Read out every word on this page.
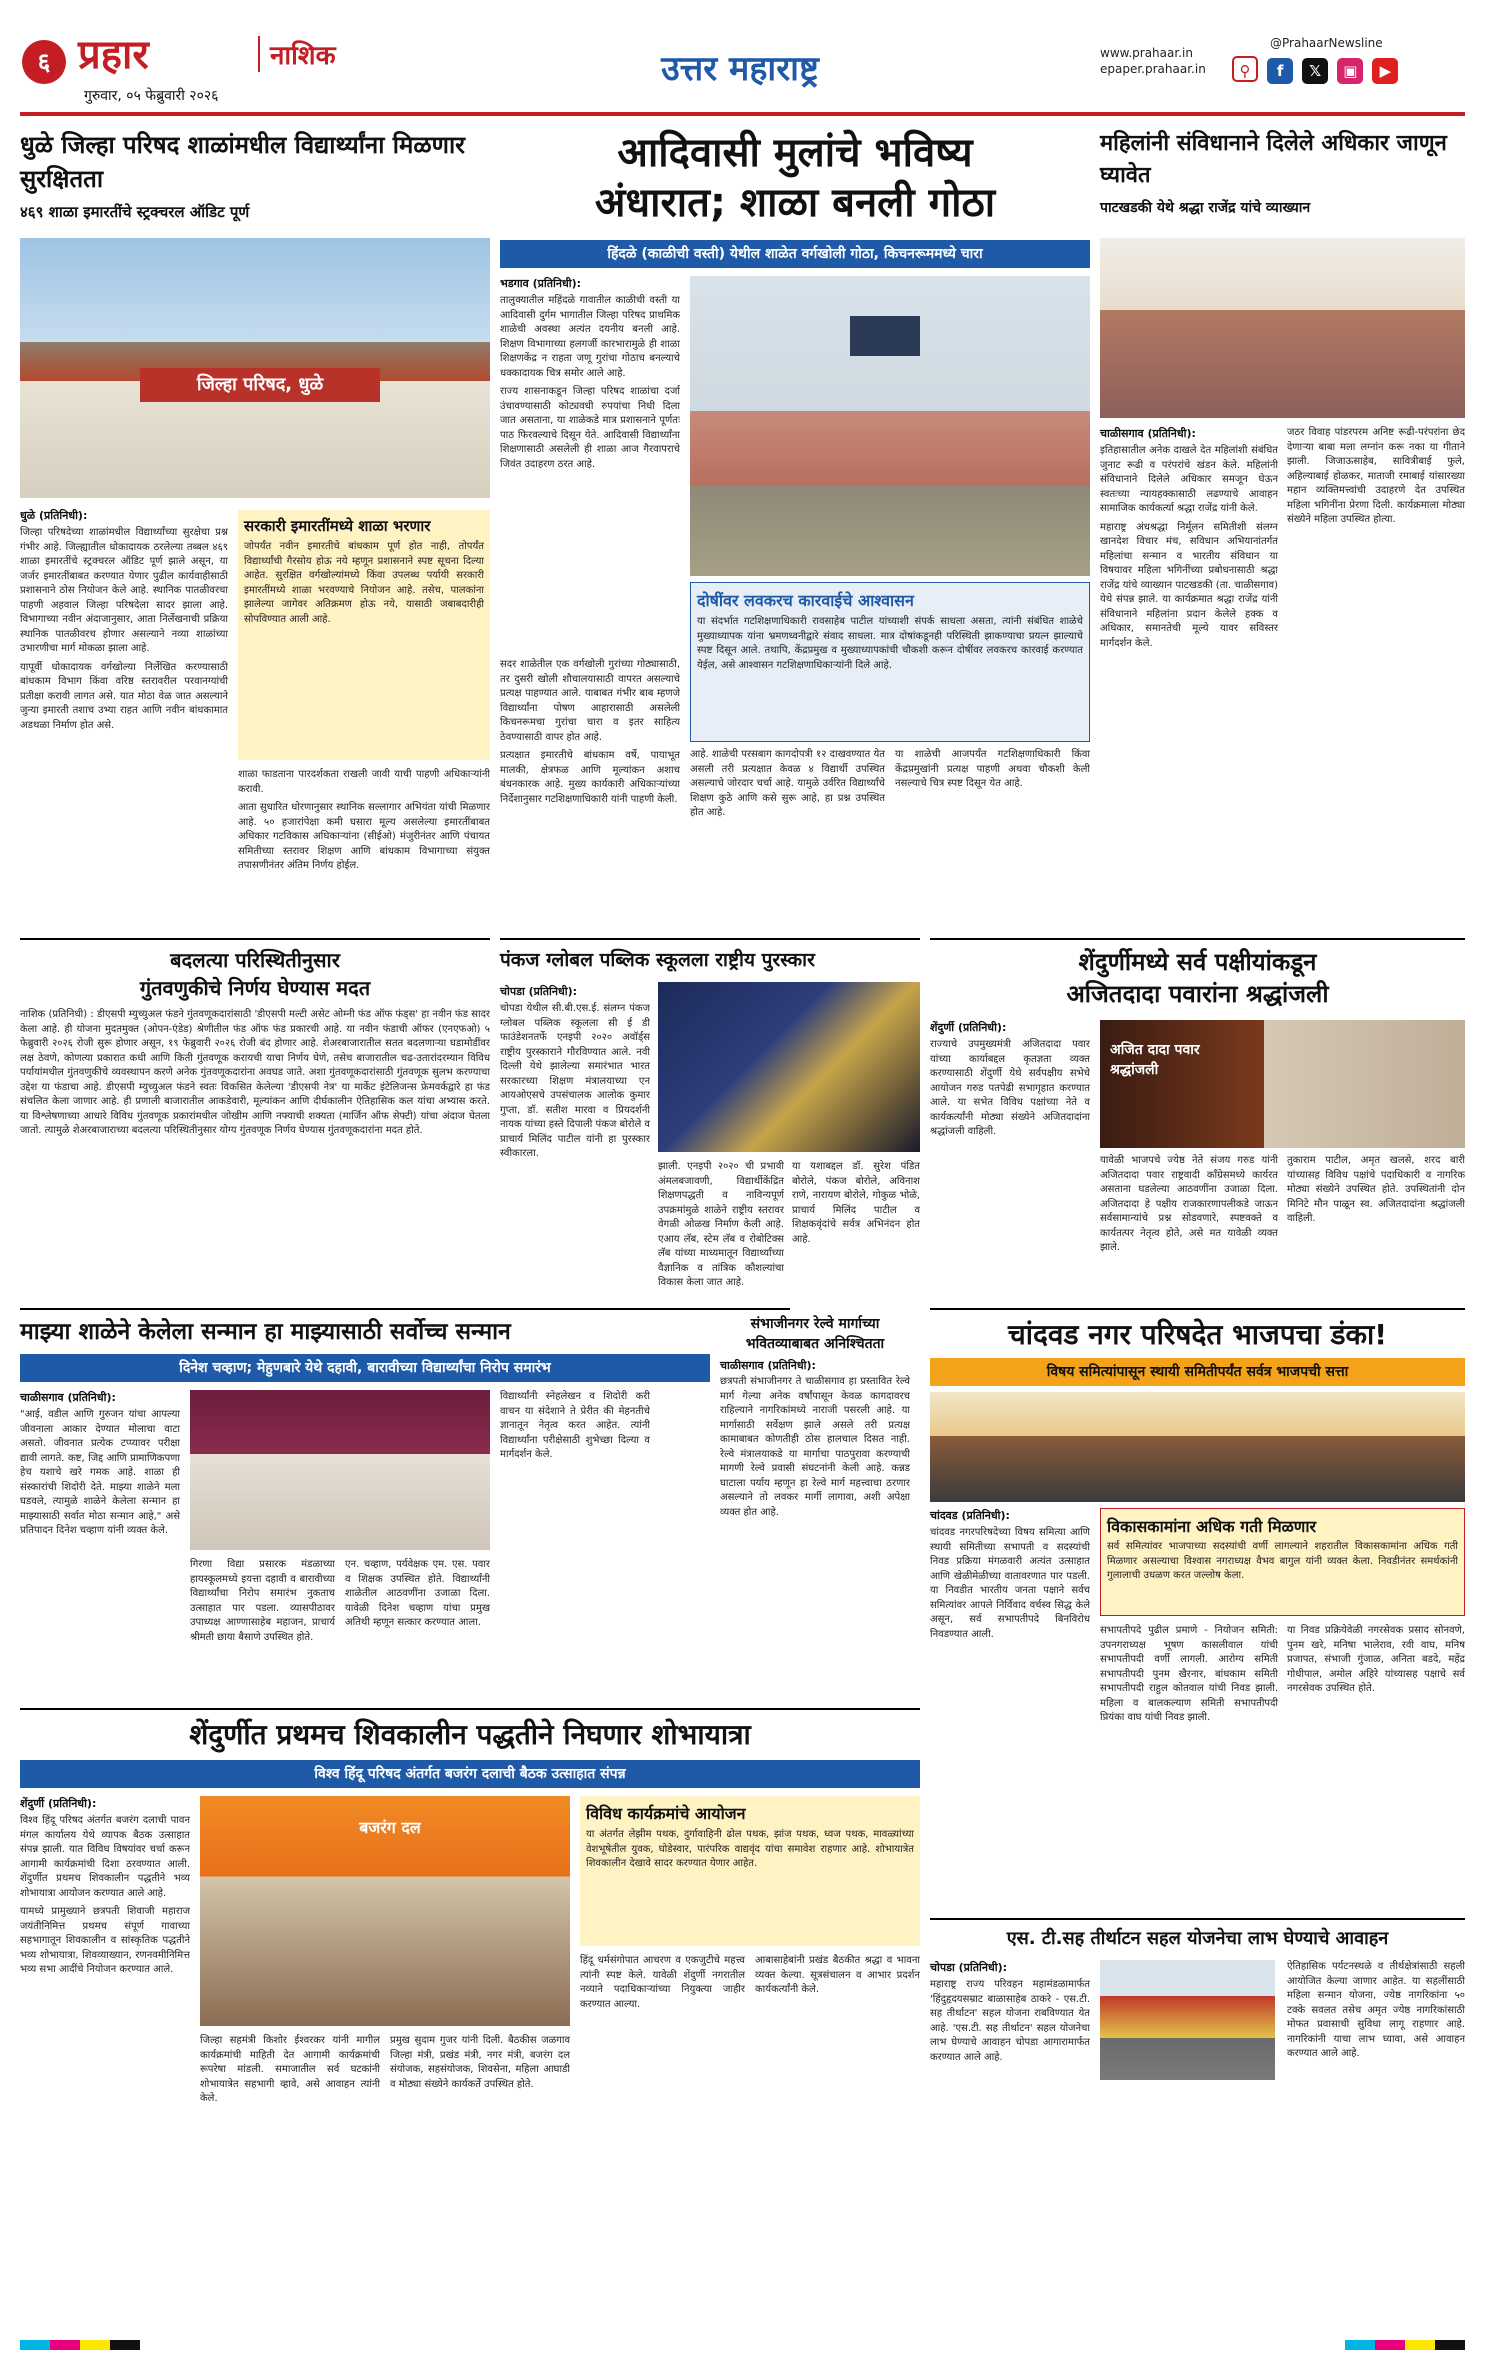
६ प्रहार	नाशिक
गुरुवार, ०५ फेब्रुवारी २०२६
उत्तर महाराष्ट्र	www.prahaar.in
epaper.prahaar.in
@PrahaarNewsline
⚲ f 𝕏 ▣ ▶
धुळे जिल्हा परिषद शाळांमधील विद्यार्थ्यांना मिळणार सुरक्षितता
४६९ शाळा इमारतींचे स्ट्रक्चरल ऑडिट पूर्ण
जिल्हा परिषद, धुळे
धुळे (प्रतिनिधी):

जिल्हा परिषदेच्या शाळांमधील विद्यार्थ्यांच्या सुरक्षेचा प्रश्न गंभीर आहे. जिल्ह्यातील धोकादायक ठरलेल्या तब्बल ४६९ शाळा इमारतींचे स्ट्रक्चरल ऑडिट पूर्ण झाले असून, या जर्जर इमारतींबाबत करण्यात येणार पुढील कार्यवाहीसाठी प्रशासनाने ठोस नियोजन केले आहे. स्थानिक पातळीवरचा पाहणी अहवाल जिल्हा परिषदेला सादर झाला आहे. विभागाच्या नवीन अंदाजानुसार, आता निर्लेखनाची प्रक्रिया स्थानिक पातळीवरच होणार असल्याने नव्या शाळांच्या उभारणीचा मार्ग मोकळा झाला आहे.

यापूर्वी धोकादायक वर्गखोल्या निर्लेखित करण्यासाठी बांधकाम विभाग किंवा वरिष्ठ स्तरावरील परवानग्यांची प्रतीक्षा करावी लागत असे. यात मोठा वेळ जात असल्याने जुन्या इमारती तशाच उभ्या राहत आणि नवीन बांधकामात अडथळा निर्माण होत असे.

सरकारी इमारतींमध्ये शाळा भरणार
जोपर्यंत नवीन इमारतीचे बांधकाम पूर्ण होत नाही, तोपर्यंत विद्यार्थ्यांची गैरसोय होऊ नये म्हणून प्रशासनाने स्पष्ट सूचना दिल्या आहेत. सुरक्षित वर्गखोल्यांमध्ये किंवा उपलब्ध पर्यायी सरकारी इमारतींमध्ये शाळा भरवण्याचे नियोजन आहे. तसेच, पालकांना झालेल्या जागेवर अतिक्रमण होऊ नये, यासाठी जबाबदारीही सोपविण्यात आली आहे.

शाळा फाडताना पारदर्शकता राखली जावी याची पाहणी अधिकाऱ्यांनी करावी.

आता सुधारित धोरणानुसार स्थानिक सल्लागार अभियंता यांची मिळणार आहे. ५० हजारांपेक्षा कमी घसारा मूल्य असलेल्या इमारतींबाबत अधिकार गटविकास अधिकाऱ्यांना (सीईओ) मंजुरीनंतर आणि पंचायत समितीच्या स्तरावर शिक्षण आणि बांधकाम विभागाच्या संयुक्त तपासणीनंतर अंतिम निर्णय होईल.

आदिवासी मुलांचे भविष्य
अंधारात; शाळा बनली गोठा
हिंदळे (काळीची वस्ती) येथील शाळेत वर्गखोली गोठा, किचनरूममध्ये चारा
भडगाव (प्रतिनिधी):

तालुक्यातील महिंदळे गावातील काळीची वस्ती या आदिवासी दुर्गम भागातील जिल्हा परिषद प्राथमिक शाळेची अवस्था अत्यंत दयनीय बनली आहे. शिक्षण विभागाच्या हलगर्जी कारभारामुळे ही शाळा शिक्षणकेंद्र न राहता जणू गुरांचा गोठाच बनल्याचे धक्कादायक चित्र समोर आले आहे.

राज्य शासनाकडून जिल्हा परिषद शाळांचा दर्जा उंचावण्यासाठी कोट्यवधी रुपयांचा निधी दिला जात असताना, या शाळेकडे मात्र प्रशासनाने पूर्णतः पाठ फिरवल्याचे दिसून येते. आदिवासी विद्यार्थ्यांना शिक्षणासाठी असलेली ही शाळा आज गैरवापराचे जिवंत उदाहरण ठरत आहे.

दोषींवर लवकरच कारवाईचे आश्वासन
या संदर्भात गटशिक्षणाधिकारी रावसाहेब पाटील यांच्याशी संपर्क साधला असता, त्यांनी संबंधित शाळेचे मुख्याध्यापक यांना भ्रमणध्वनीद्वारे संवाद साधला. मात्र दोषांकडूनही परिस्थिती झाकण्याचा प्रयत्न झाल्याचे स्पष्ट दिसून आले. तथापि, केंद्रप्रमुख व मुख्याध्यापकांची चौकशी करून दोषींवर लवकरच कारवाई करण्यात येईल, असे आश्वासन गटशिक्षणाधिकाऱ्यांनी दिले आहे.

सदर शाळेतील एक वर्गखोली गुरांच्या गोठ्यासाठी, तर दुसरी खोली शौचालयासाठी वापरत असल्याचे प्रत्यक्ष पाहण्यात आले. याबाबत गंभीर बाब म्हणजे विद्यार्थ्यांना पोषण आहारासाठी असलेली किचनरूमचा गुरांचा चारा व इतर साहित्य ठेवण्यासाठी वापर होत आहे.

प्रत्यक्षात इमारतीचे बांधकाम वर्षे, पायाभूत मालकी, क्षेत्रफळ आणि मूल्यांकन अशाच बंधनकारक आहे. मुख्य कार्यकारी अधिकाऱ्यांच्या निर्देशानुसार गटशिक्षणाधिकारी यांनी पाहणी केली.

आहे. शाळेची परसबाग कागदोपत्री १२ दाखवण्यात येत असली तरी प्रत्यक्षात केवळ ४ विद्यार्थी उपस्थित असल्याचे जोरदार चर्चा आहे. यामुळे उर्वरित विद्यार्थ्यांचे शिक्षण कुठे आणि कसे सुरू आहे, हा प्रश्न उपस्थित होत आहे.
या शाळेची आजपर्यंत गटशिक्षणाधिकारी किंवा केंद्रप्रमुखांनी प्रत्यक्ष पाहणी अथवा चौकशी केली नसल्याचे चित्र स्पष्ट दिसून येत आहे.
महिलांनी संविधानाने दिलेले अधिकार जाणून घ्यावेत
पाटखडकी येथे श्रद्धा राजेंद्र यांचे व्याख्यान
चाळीसगाव (प्रतिनिधी):

इतिहासातील अनेक दाखले देत महिलांशी संबंधित जुनाट रूढी व परंपरांचे खंडन केले. महिलांनी संविधानाने दिलेले अधिकार समजून घेऊन स्वतःच्या न्यायहक्कासाठी लढण्याचे आवाहन सामाजिक कार्यकर्त्या श्रद्धा राजेंद्र यांनी केले.

महाराष्ट्र अंधश्रद्धा निर्मूलन समितीशी संलग्न खानदेश विचार मंच, सविधान अभियानांतर्गत महिलांचा सन्मान व भारतीय संविधान या विषयावर महिला भगिनींच्या प्रबोधनासाठी श्रद्धा राजेंद्र यांचे व्याख्यान पाटखडकी (ता. चाळीसगाव) येथे संपन्न झाले. या कार्यक्रमात श्रद्धा राजेंद्र यांनी संविधानाने महिलांना प्रदान केलेले हक्क व अधिकार, समानतेची मूल्ये यावर सविस्तर मार्गदर्शन केले.

जठर विवाह पांडरपरम अनिष्ट रूढी-परंपरांना छेद देणाऱ्या बाबा मला लग्नांन करू नका या गीताने झाली. जिजाऊसाहेब, सावित्रीबाई फुले, अहिल्याबाई होळकर, माताजी रमाबाई यांसारख्या महान व्यक्तिमत्त्वांची उदाहरणे देत उपस्थित महिला भगिनींना प्रेरणा दिली. कार्यक्रमाला मोठ्या संख्येने महिला उपस्थित होत्या.
बदलत्या परिस्थितीनुसार
गुंतवणुकीचे निर्णय घेण्यास मदत
नाशिक (प्रतिनिधी) : डीएसपी म्युच्युअल फंडने गुंतवणूकदारांसाठी 'डीएसपी मल्टी असेट ओम्नी फंड ऑफ फंड्स' हा नवीन फंड सादर केला आहे. ही योजना मुदतमुक्त (ओपन-एंडेड) श्रेणीतील फंड ऑफ फंड प्रकारची आहे. या नवीन फंडाची ऑफर (एनएफओ) ५ फेब्रुवारी २०२६ रोजी सुरू होणार असून, १९ फेब्रुवारी २०२६ रोजी बंद होणार आहे. शेअरबाजारातील सतत बदलणाऱ्या घडामोडींवर लक्ष ठेवणे, कोणत्या प्रकारात कधी आणि किती गुंतवणूक करायची याचा निर्णय घेणे, तसेच बाजारातील चढ-उतारांदरम्यान विविध पर्यायांमधील गुंतवणुकीचे व्यवस्थापन करणे अनेक गुंतवणूकदारांना अवघड जाते. अशा गुंतवणूकदारांसाठी गुंतवणूक सुलभ करण्याचा उद्देश या फंडाचा आहे. डीएसपी म्युच्युअल फंडने स्वतः विकसित केलेल्या 'डीएसपी नेत्र' या मार्केट इंटेलिजन्स फ्रेमवर्कद्वारे हा फंड संचलित केला जाणार आहे. ही प्रणाली बाजारातील आकडेवारी, मूल्यांकन आणि दीर्घकालीन ऐतिहासिक कल यांचा अभ्यास करते. या विश्लेषणाच्या आधारे विविध गुंतवणूक प्रकारांमधील जोखीम आणि नफ्याची शक्यता (मार्जिन ऑफ सेफ्टी) यांचा अंदाज घेतला जातो. त्यामुळे शेअरबाजाराच्या बदलत्या परिस्थितीनुसार योग्य गुंतवणूक निर्णय घेण्यास गुंतवणूकदारांना मदत होते.
पंकज ग्लोबल पब्लिक स्कूलला राष्ट्रीय पुरस्कार
चोपडा (प्रतिनिधी):
चोपडा येथील सी.बी.एस.ई. संलग्न पंकज ग्लोबल पब्लिक स्कूलला सी ई डी फाउंडेशनतर्फे एनइपी २०२० अवॉर्ड्स राष्ट्रीय पुरस्काराने गौरविण्यात आले. नवी दिल्ली येथे झालेल्या समारंभात भारत सरकारच्या शिक्षण मंत्रालयाच्या एन आयओएसचे उपसंचालक आलोक कुमार गुप्ता, डॉ. सतीश मारवा व प्रियदर्शनी नायक यांच्या हस्ते दिपाली पंकज बोरोले व प्राचार्य मिलिंद पाटील यांनी हा पुरस्कार स्वीकारला.
झाली. एनइपी २०२० ची प्रभावी अंमलबजावणी, विद्यार्थीकेंद्रित शिक्षणपद्धती व नाविन्यपूर्ण उपक्रमांमुळे शाळेने राष्ट्रीय स्तरावर वेगळी ओळख निर्माण केली आहे. एआय लॅब, स्टेम लॅब व रोबोटिक्स लॅब यांच्या माध्यमातून विद्यार्थ्यांच्या वैज्ञानिक व तांत्रिक कौशल्यांचा विकास केला जात आहे.
या यशाबद्दल डॉ. सुरेश पंडित बोरोले, पंकज बोरोले, अविनाश राणे, नारायण बोरोले, गोकुळ भोळे, प्राचार्य मिलिंद पाटील व शिक्षकवृंदांचे सर्वत्र अभिनंदन होत आहे.
शेंदुर्णीमध्ये सर्व पक्षीयांकडून
अजितदादा पवारांना श्रद्धांजली
शेंदुर्णी (प्रतिनिधी):
राज्याचे उपमुख्यमंत्री अजितदादा पवार यांच्या कार्याबद्दल कृतज्ञता व्यक्त करण्यासाठी शेंदुर्णी येथे सर्वपक्षीय सभेचे आयोजन गरुड पतपेढी सभागृहात करण्यात आले. या सभेत विविध पक्षांच्या नेते व कार्यकर्त्यांनी मोठ्या संख्येने अजितदादांना श्रद्धांजली वाहिली.
अजित दादा पवार श्रद्धांजली
यावेळी भाजपचे ज्येष्ठ नेते संजय गरुड यांनी अजितदादा पवार राष्ट्रवादी काँग्रेसमध्ये कार्यरत असताना घडलेल्या आठवणींना उजाळा दिला. अजितदादा हे पक्षीय राजकारणापलीकडे जाऊन सर्वसामान्यांचे प्रश्न सोडवणारे, स्पष्टवक्ते व कार्यतत्पर नेतृत्व होते, असे मत यावेळी व्यक्त झाले.
तुकाराम पाटील, अमृत खलसे, शरद बारी यांच्यासह विविध पक्षांचे पदाधिकारी व नागरिक मोठ्या संख्येने उपस्थित होते. उपस्थितांनी दोन मिनिटे मौन पाळून स्व. अजितदादांना श्रद्धांजली वाहिली.
माझ्या शाळेने केलेला सन्मान हा माझ्यासाठी सर्वोच्च सन्मान
दिनेश चव्हाण; मेहुणबारे येथे दहावी, बारावीच्या विद्यार्थ्यांचा निरोप समारंभ
चाळीसगाव (प्रतिनिधी):
"आई, वडील आणि गुरुजन यांचा आपल्या जीवनाला आकार देण्यात मोलाचा वाटा असतो. जीवनात प्रत्येक टप्प्यावर परीक्षा द्यावी लागते. कष्ट, जिद्द आणि प्रामाणिकपणा हेच यशाचे खरे गमक आहे. शाळा ही संस्कारांची शिदोरी देते. माझ्या शाळेने मला घडवले, त्यामुळे शाळेने केलेला सन्मान हा माझ्यासाठी सर्वात मोठा सन्मान आहे," असे प्रतिपादन दिनेश चव्हाण यांनी व्यक्त केले.
गिरणा विद्या प्रसारक मंडळाच्या हायस्कूलमध्ये इयत्ता दहावी व बारावीच्या विद्यार्थ्यांचा निरोप समारंभ नुकताच उत्साहात पार पडला. व्यासपीठावर उपाध्यक्ष आण्णासाहेब महाजन, प्राचार्य श्रीमती छाया बैसाणे उपस्थित होते.
एन. चव्हाण, पर्यवेक्षक एम. एस. पवार व शिक्षक उपस्थित होते. विद्यार्थ्यांनी शाळेतील आठवणींना उजाळा दिला. यावेळी दिनेश चव्हाण यांचा प्रमुख अतिथी म्हणून सत्कार करण्यात आला.
विद्यार्थ्यांनी स्नेहलेखन व शिदोरी करी वाचन या संदेशाने ते प्रेरीत की मेहनतीचे ज्ञानातून नेतृत्व करत आहेत. त्यांनी विद्यार्थ्यांना परीक्षेसाठी शुभेच्छा दिल्या व मार्गदर्शन केले.
संभाजीनगर रेल्वे मार्गाच्या भवितव्याबाबत अनिश्चितता
चाळीसगाव (प्रतिनिधी):
छत्रपती संभाजीनगर ते चाळीसगाव हा प्रस्तावित रेल्वे मार्ग गेल्या अनेक वर्षांपासून केवळ कागदावरच राहिल्याने नागरिकांमध्ये नाराजी पसरली आहे. या मार्गासाठी सर्वेक्षण झाले असले तरी प्रत्यक्ष कामाबाबत कोणतीही ठोस हालचाल दिसत नाही. रेल्वे मंत्रालयाकडे या मार्गाचा पाठपुरावा करण्याची मागणी रेल्वे प्रवासी संघटनांनी केली आहे. कन्नड घाटाला पर्याय म्हणून हा रेल्वे मार्ग महत्त्वाचा ठरणार असल्याने तो लवकर मार्गी लागावा, अशी अपेक्षा व्यक्त होत आहे.
चांदवड नगर परिषदेत भाजपचा डंका!
विषय समित्यांपासून स्थायी समितीपर्यंत सर्वत्र भाजपची सत्ता
चांदवड (प्रतिनिधी):
विकासकामांना अधिक गती मिळणार
सर्व समित्यांवर भाजपाच्या सदस्यांची वर्णी लागल्याने शहरातील विकासकामांना अधिक गती मिळणार असल्याचा विश्वास नगराध्यक्ष वैभव बागुल यांनी व्यक्त केला. निवडीनंतर समर्थकांनी गुलालाची उधळण करत जल्लोष केला.
चांदवड नगरपरिषदेच्या विषय समित्या आणि स्थायी समितीच्या सभापती व सदस्यांची निवड प्रक्रिया मंगळवारी अत्यंत उत्साहात आणि खेळीमेळीच्या वातावरणात पार पडली. या निवडीत भारतीय जनता पक्षाने सर्वच समित्यांवर आपले निर्विवाद वर्चस्व सिद्ध केले असून, सर्व सभापतीपदे बिनविरोध निवडण्यात आली.	सभापतीपदे पुढील प्रमाणे - नियोजन समिती: उपनगराध्यक्ष भूषण कासलीवाल यांची सभापतीपदी वर्णी लागली. आरोग्य समिती सभापतीपदी पुनम खैरनार, बांधकाम समिती सभापतीपदी राहुल कोतवाल यांची निवड झाली. महिला व बालकल्याण समिती सभापतीपदी प्रियंका वाघ यांची निवड झाली.
या निवड प्रक्रियेवेळी नगरसेवक प्रसाद सोनवणे, पुनम खरे, मनिषा भालेराव, रवी वाघ, मनिष प्रजापत, संभाजी गुंजाळ, अनिता बडदे, महेंद्र गोधीपाल, अमोल अहिरे यांच्यासह पक्षाचे सर्व नगरसेवक उपस्थित होते.
शेंदुर्णीत प्रथमच शिवकालीन पद्धतीने निघणार शोभायात्रा
विश्व हिंदू परिषद अंतर्गत बजरंग दलाची बैठक उत्साहात संपन्न
शेंदुर्णी (प्रतिनिधी):

विश्व हिंदू परिषद अंतर्गत बजरंग दलाची पावन मंगल कार्यालय येथे व्यापक बैठक उत्साहात संपन्न झाली. यात विविध विषयांवर चर्चा करून आगामी कार्यक्रमांची दिशा ठरवण्यात आली. शेंदुर्णीत प्रथमच शिवकालीन पद्धतीने भव्य शोभायात्रा आयोजन करण्यात आले आहे.

यामध्ये प्रामुख्याने छत्रपती शिवाजी महाराज जयंतीनिमित्त प्रथमच संपूर्ण गावाच्या सहभागातून शिवकालीन व सांस्कृतिक पद्धतीने भव्य शोभायात्रा, शिवव्याख्यान, रणनवमीनिमित्त भव्य सभा आदींचे नियोजन करण्यात आले.

बजरंग दल
जिल्हा सहमंत्री किशोर ईश्वरकर यांनी मागील कार्यक्रमांची माहिती देत आगामी कार्यक्रमांची रूपरेषा मांडली. समाजातील सर्व घटकांनी शोभायात्रेत सहभागी व्हावे, असे आवाहन त्यांनी केले.
प्रमुख सुदाम गुजर यांनी दिली. बैठकीस जळगाव जिल्हा मंत्री, प्रखंड मंत्री, नगर मंत्री, बजरंग दल संयोजक, सहसंयोजक, शिवसेना, महिला आघाडी व मोठ्या संख्येने कार्यकर्ते उपस्थित होते.
विविध कार्यक्रमांचे आयोजन
या अंतर्गत लेझीम पथक, दुर्गावाहिनी ढोल पथक, झांज पथक, ध्वज पथक, मावळ्यांच्या वेशभूषेतील युवक, घोडेस्वार, पारंपरिक वाद्यवृंद यांचा समावेश राहणार आहे. शोभायात्रेत शिवकालीन देखावे सादर करण्यात येणार आहेत.
हिंदू धर्मसंगोपात आचरण व एकजुटीचे महत्त्व त्यांनी स्पष्ट केले. यावेळी शेंदुर्णी नगरातील नव्याने पदाधिकाऱ्यांच्या नियुक्त्या जाहीर करण्यात आल्या.
आबासाहेबांनी प्रखंड बैठकीत श्रद्धा व भावना व्यक्त केल्या. सूत्रसंचालन व आभार प्रदर्शन कार्यकर्त्यांनी केले.
एस. टी.सह तीर्थाटन सहल योजनेचा लाभ घेण्याचे आवाहन
चोपडा (प्रतिनिधी):
महाराष्ट्र राज्य परिवहन महामंडळामार्फत 'हिंदुहृदयसम्राट बाळासाहेब ठाकरे - एस.टी. सह तीर्थाटन' सहल योजना राबविण्यात येत आहे. 'एस.टी. सह तीर्थाटन' सहल योजनेचा लाभ घेण्याचे आवाहन चोपडा आगारामार्फत करण्यात आले आहे.
ऐतिहासिक पर्यटनस्थळे व तीर्थक्षेत्रांसाठी सहली आयोजित केल्या जाणार आहेत. या सहलींसाठी महिला सन्मान योजना, ज्येष्ठ नागरिकांना ५० टक्के सवलत तसेच अमृत ज्येष्ठ नागरिकांसाठी मोफत प्रवासाची सुविधा लागू राहणार आहे. नागरिकांनी याचा लाभ घ्यावा, असे आवाहन करण्यात आले आहे.
